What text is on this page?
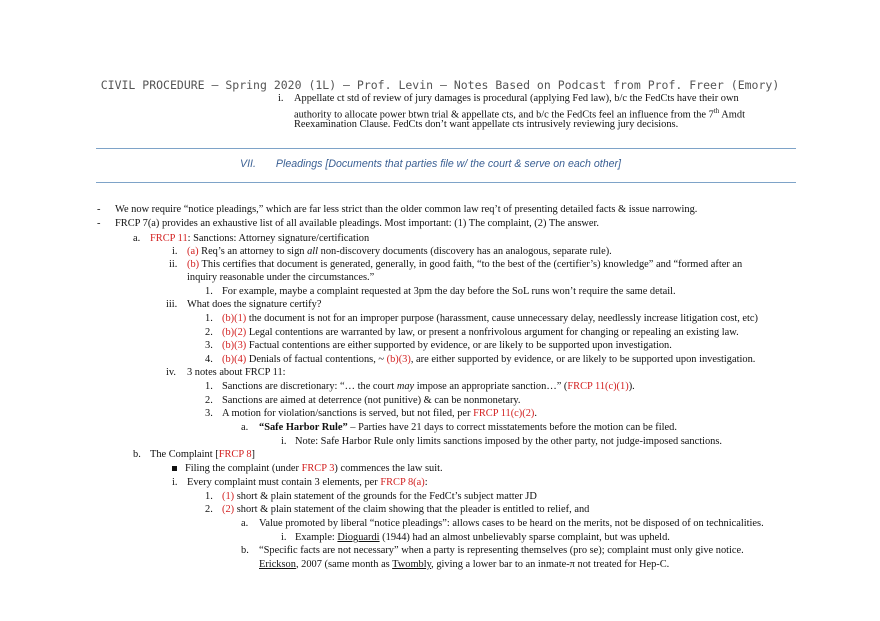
CIVIL PROCEDURE – Spring 2020 (1L) – Prof. Levin – Notes Based on Podcast from Prof. Freer (Emory)
i. Appellate ct std of review of jury damages is procedural (applying Fed law), b/c the FedCts have their own
authority to allocate power btwn trial & appellate cts, and b/c the FedCts feel an influence from the 7th Amdt
Reexamination Clause. FedCts don’t want appellate cts intrusively reviewing jury decisions.
VII. Pleadings [Documents that parties file w/ the court & serve on each other]
- We now require “notice pleadings,” which are far less strict than the older common law req’t of presenting detailed facts & issue narrowing.
- FRCP 7(a) provides an exhaustive list of all available pleadings. Most important: (1) The complaint, (2) The answer.
a. FRCP 11: Sanctions: Attorney signature/certification
i. (a) Req’s an attorney to sign all non-discovery documents (discovery has an analogous, separate rule).
ii. (b) This certifies that document is generated, generally, in good faith, “to the best of the (certifier’s) knowledge” and “formed after an
inquiry reasonable under the circumstances.”
1. For example, maybe a complaint requested at 3pm the day before the SoL runs won’t require the same detail.
iii. What does the signature certify?
1. (b)(1) the document is not for an improper purpose (harassment, cause unnecessary delay, needlessly increase litigation cost, etc)
2. (b)(2) Legal contentions are warranted by law, or present a nonfrivolous argument for changing or repealing an existing law.
3. (b)(3) Factual contentions are either supported by evidence, or are likely to be supported upon investigation.
4. (b)(4) Denials of factual contentions, ~ (b)(3), are either supported by evidence, or are likely to be supported upon investigation.
iv. 3 notes about FRCP 11:
1. Sanctions are discretionary: “… the court may impose an appropriate sanction…” (FRCP 11(c)(1)).
2. Sanctions are aimed at deterrence (not punitive) & can be nonmonetary.
3. A motion for violation/sanctions is served, but not filed, per FRCP 11(c)(2).
a. “Safe Harbor Rule” – Parties have 21 days to correct misstatements before the motion can be filed.
i. Note: Safe Harbor Rule only limits sanctions imposed by the other party, not judge-imposed sanctions.
b. The Complaint [FRCP 8]
Filing the complaint (under FRCP 3) commences the law suit.
i. Every complaint must contain 3 elements, per FRCP 8(a):
1. (1) short & plain statement of the grounds for the FedCt’s subject matter JD
2. (2) short & plain statement of the claim showing that the pleader is entitled to relief, and
a. Value promoted by liberal “notice pleadings”: allows cases to be heard on the merits, not be disposed of on technicalities.
i. Example: Dioguardi (1944) had an almost unbelievably sparse complaint, but was upheld.
b. “Specific facts are not necessary” when a party is representing themselves (pro se); complaint must only give notice.
Erickson, 2007 (same month as Twombly, giving a lower bar to an inmate-π not treated for Hep-C.
